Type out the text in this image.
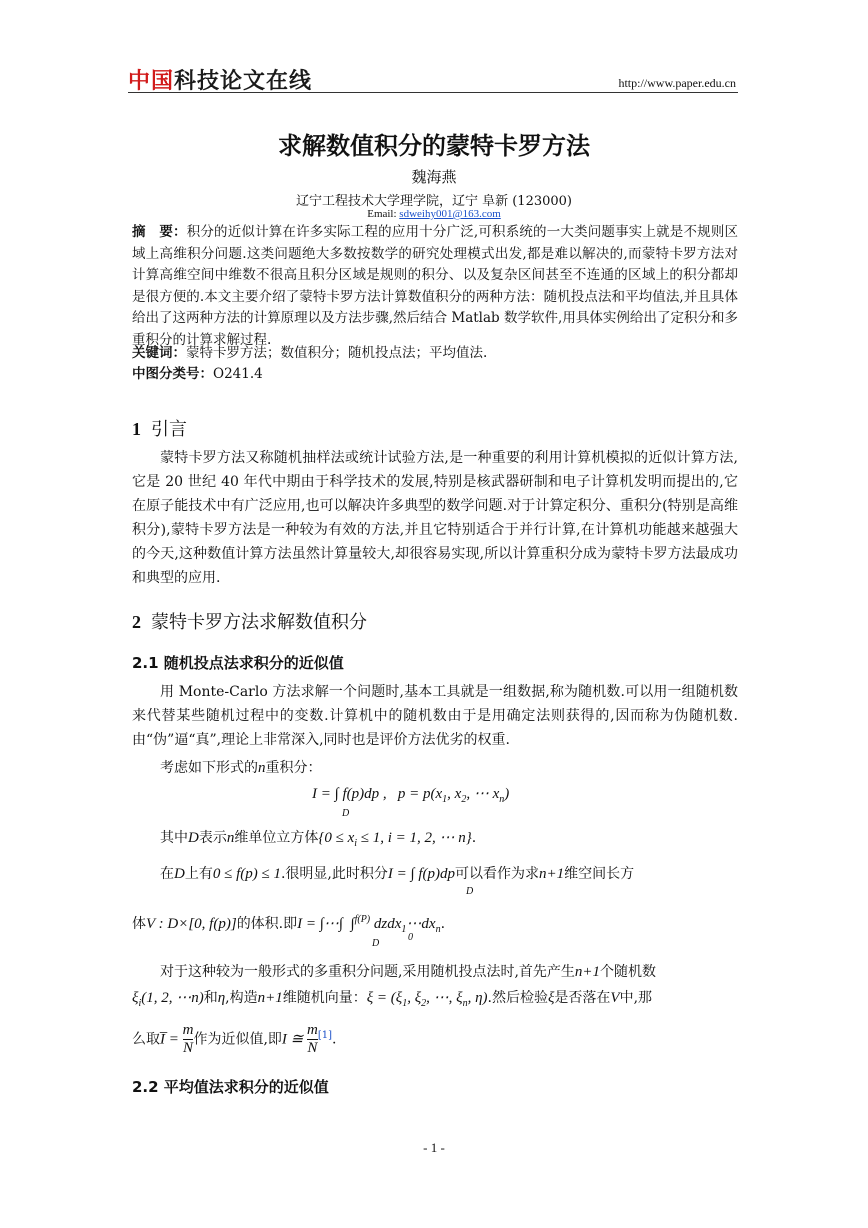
中国科技论文在线	http://www.paper.edu.cn
求解数值积分的蒙特卡罗方法
魏海燕
辽宁工程技术大学理学院，辽宁 阜新 (123000)
Email: sdweihy001@163.com
摘　要：积分的近似计算在许多实际工程的应用十分广泛,可积系统的一大类问题事实上就是不规则区域上高维积分问题.这类问题绝大多数按数学的研究处理模式出发,都是难以解决的,而蒙特卡罗方法对计算高维空间中维数不很高且积分区域是规则的积分、以及复杂区间甚至不连通的区域上的积分都却是很方便的.本文主要介绍了蒙特卡罗方法计算数值积分的两种方法：随机投点法和平均值法,并且具体给出了这两种方法的计算原理以及方法步骤,然后结合 Matlab 数学软件,用具体实例给出了定积分和多重积分的计算求解过程.
关键词：蒙特卡罗方法；数值积分；随机投点法；平均值法.
中图分类号：O241.4
1 引言
蒙特卡罗方法又称随机抽样法或统计试验方法,是一种重要的利用计算机模拟的近似计算方法,它是 20 世纪 40 年代中期由于科学技术的发展,特别是核武器研制和电子计算机发明而提出的,它在原子能技术中有广泛应用,也可以解决许多典型的数学问题.对于计算定积分、重积分(特别是高维积分),蒙特卡罗方法是一种较为有效的方法,并且它特别适合于并行计算,在计算机功能越来越强大的今天,这种数值计算方法虽然计算量较大,却很容易实现,所以计算重积分成为蒙特卡罗方法最成功和典型的应用.
2 蒙特卡罗方法求解数值积分
2.1 随机投点法求积分的近似值
用 Monte-Carlo 方法求解一个问题时,基本工具就是一组数据,称为随机数.可以用一组随机数来代替某些随机过程中的变数.计算机中的随机数由于是用确定法则获得的,因而称为伪随机数.由“伪”逼“真”,理论上非常深入,同时也是评价方法优劣的权重.
考虑如下形式的n重积分：
I = ∫ f(p)dp ,   $p = p(x_1$, $x_2$, ⋯ $x_n$)
D
其中D表示n维单位立方体{$0 \le x_i \le 1$, i = 1, 2, ⋯ n}.
在D上有0 ≤ f(p) ≤ 1.很明显,此时积分I = ∫ f(p)dp可以看作为求n+1维空间长方
D
体V : D×[0, f(p)]的体积.即I = ∫⋯∫  ∫$^{f(P)}$ $dzdx_1\cdots dx_n$.
D
0
对于这种较为一般形式的多重积分问题,采用随机投点法时,首先产生n+1个随机数
$\xi_i(1$, 2, ⋯n)和η,构造n+1维随机向量：$\xi = (\xi_1$, $\xi_2$, ⋯, $\xi_n$, η).然后检验ξ是否落在V中,那
么取I̅ = $\frac{m}{N}$ 作为近似值,即I ≅ $\frac{m}{N} [1]$.
2.2 平均值法求积分的近似值
- 1 -
